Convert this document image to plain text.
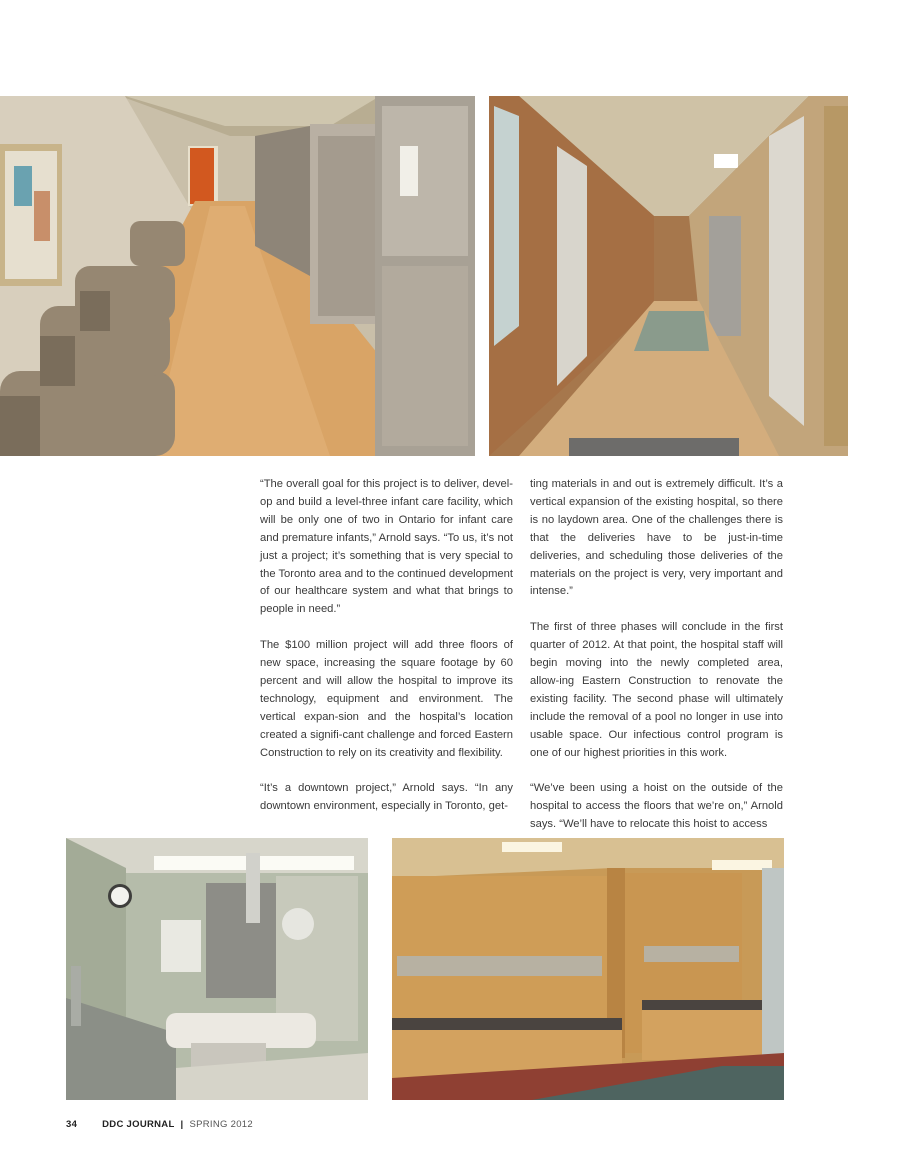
“The overall goal for this project is to deliver, devel-op and build a level-three infant care facility, which will be only one of two in Ontario for infant care and premature infants,” Arnold says. “To us, it’s not just a project; it’s something that is very special to the Toronto area and to the continued development of our healthcare system and what that brings to people in need.”

The $100 million project will add three floors of new space, increasing the square footage by 60 percent and will allow the hospital to improve its technology, equipment and environment. The vertical expan-sion and the hospital’s location created a signifi-cant challenge and forced Eastern Construction to rely on its creativity and flexibility.

“It’s a downtown project,” Arnold says. “In any downtown environment, especially in Toronto, get-

ting materials in and out is extremely difficult. It’s a vertical expansion of the existing hospital, so there is no laydown area. One of the challenges there is that the deliveries have to be just-in-time deliveries, and scheduling those deliveries of the materials on the project is very, very important and intense.”

The first of three phases will conclude in the first quarter of 2012. At that point, the hospital staff will begin moving into the newly completed area, allow-ing Eastern Construction to renovate the existing facility. The second phase will ultimately include the removal of a pool no longer in use into usable space. Our infectious control program is one of our highest priorities in this work.

“We’ve been using a hoist on the outside of the hospital to access the floors that we’re on,” Arnold says. “We’ll have to relocate this hoist to access

34	DDC JOURNAL | SPRING 2012
